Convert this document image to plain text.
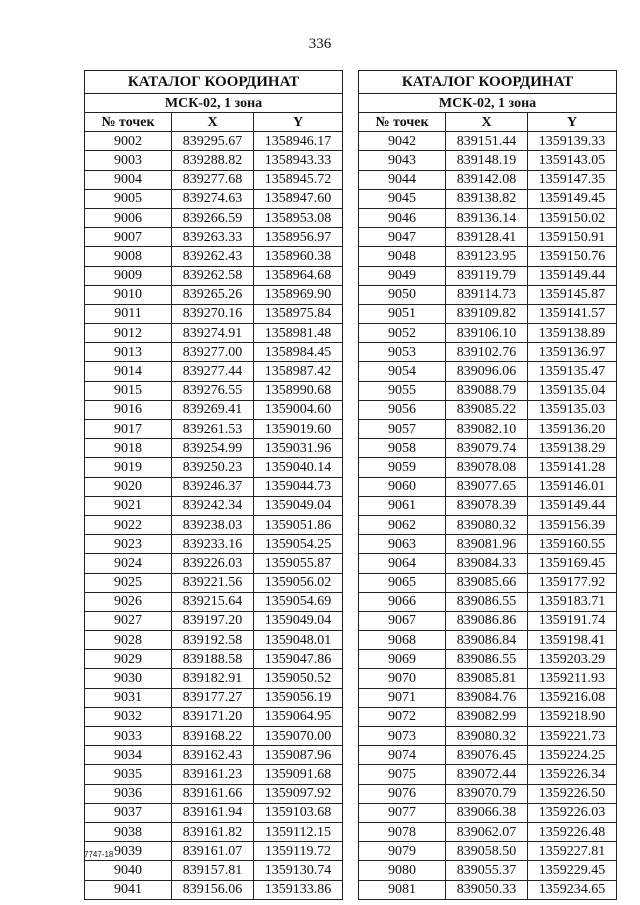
336
КАТАЛОГ КООРДИНАТ		
МСК-02, 1 зона		
№ точек	X	Y
9002	839295.67	1358946.17
9003	839288.82	1358943.33
9004	839277.68	1358945.72
9005	839274.63	1358947.60
9006	839266.59	1358953.08
9007	839263.33	1358956.97
9008	839262.43	1358960.38
9009	839262.58	1358964.68
9010	839265.26	1358969.90
9011	839270.16	1358975.84
9012	839274.91	1358981.48
9013	839277.00	1358984.45
9014	839277.44	1358987.42
9015	839276.55	1358990.68
9016	839269.41	1359004.60
9017	839261.53	1359019.60
9018	839254.99	1359031.96
9019	839250.23	1359040.14
9020	839246.37	1359044.73
9021	839242.34	1359049.04
9022	839238.03	1359051.86
9023	839233.16	1359054.25
9024	839226.03	1359055.87
9025	839221.56	1359056.02
9026	839215.64	1359054.69
9027	839197.20	1359049.04
9028	839192.58	1359048.01
9029	839188.58	1359047.86
9030	839182.91	1359050.52
9031	839177.27	1359056.19
9032	839171.20	1359064.95
9033	839168.22	1359070.00
9034	839162.43	1359087.96
9035	839161.23	1359091.68
9036	839161.66	1359097.92
9037	839161.94	1359103.68
9038	839161.82	1359112.15
9039	839161.07	1359119.72
9040	839157.81	1359130.74
9041	839156.06	1359133.86
КАТАЛОГ КООРДИНАТ		
МСК-02, 1 зона		
№ точек	X	Y
9042	839151.44	1359139.33
9043	839148.19	1359143.05
9044	839142.08	1359147.35
9045	839138.82	1359149.45
9046	839136.14	1359150.02
9047	839128.41	1359150.91
9048	839123.95	1359150.76
9049	839119.79	1359149.44
9050	839114.73	1359145.87
9051	839109.82	1359141.57
9052	839106.10	1359138.89
9053	839102.76	1359136.97
9054	839096.06	1359135.47
9055	839088.79	1359135.04
9056	839085.22	1359135.03
9057	839082.10	1359136.20
9058	839079.74	1359138.29
9059	839078.08	1359141.28
9060	839077.65	1359146.01
9061	839078.39	1359149.44
9062	839080.32	1359156.39
9063	839081.96	1359160.55
9064	839084.33	1359169.45
9065	839085.66	1359177.92
9066	839086.55	1359183.71
9067	839086.86	1359191.74
9068	839086.84	1359198.41
9069	839086.55	1359203.29
9070	839085.81	1359211.93
9071	839084.76	1359216.08
9072	839082.99	1359218.90
9073	839080.32	1359221.73
9074	839076.45	1359224.25
9075	839072.44	1359226.34
9076	839070.79	1359226.50
9077	839066.38	1359226.03
9078	839062.07	1359226.48
9079	839058.50	1359227.81
9080	839055.37	1359229.45
9081	839050.33	1359234.65
7747-18
